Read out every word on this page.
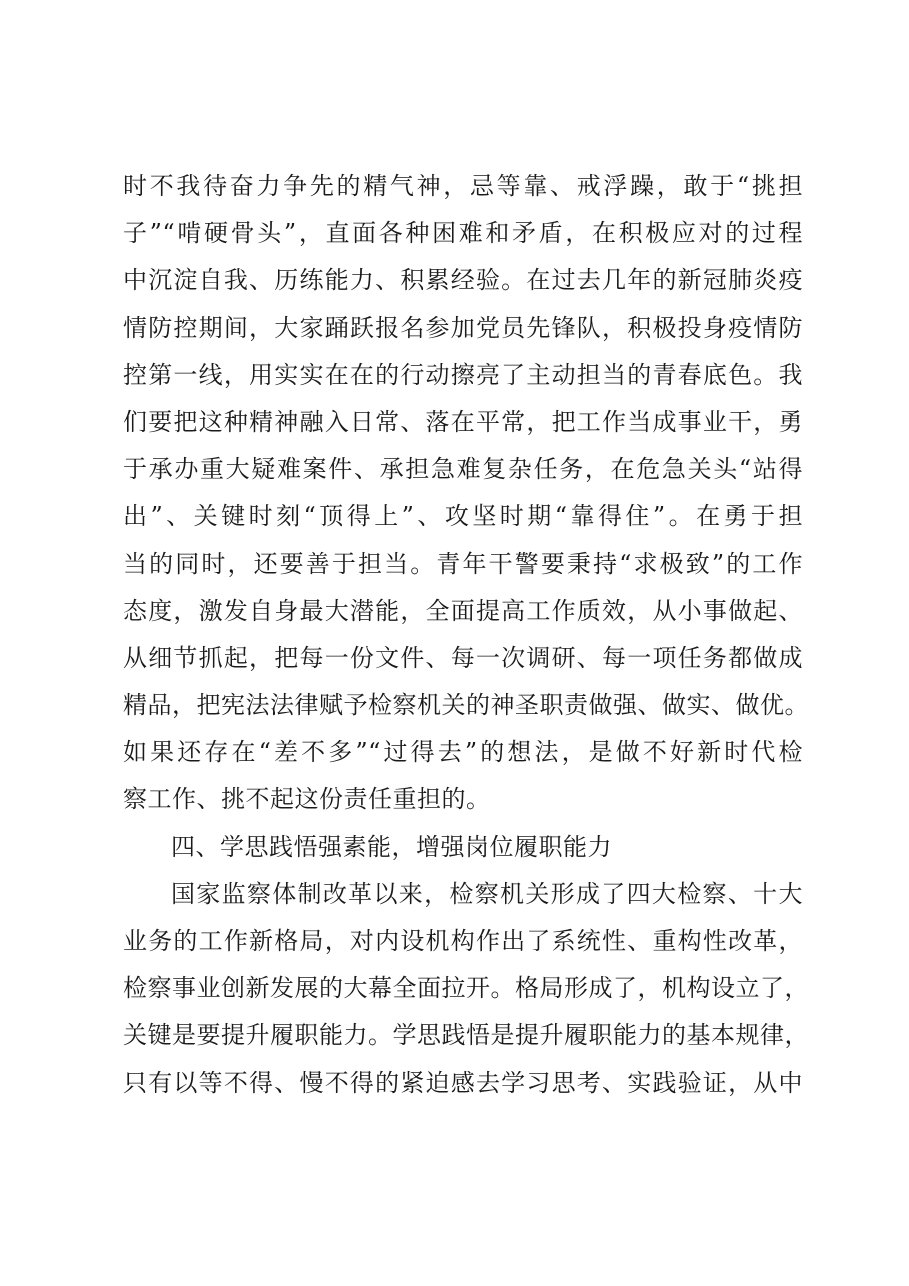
时不我待奋力争先的精气神，忌等靠、戒浮躁，敢于“挑担
子”“啃硬骨头”，直面各种困难和矛盾，在积极应对的过程
中沉淀自我、历练能力、积累经验。在过去几年的新冠肺炎疫
情防控期间，大家踊跃报名参加党员先锋队，积极投身疫情防
控第一线，用实实在在的行动擦亮了主动担当的青春底色。我
们要把这种精神融入日常、落在平常，把工作当成事业干，勇
于承办重大疑难案件、承担急难复杂任务，在危急关头“站得
出”、关键时刻“顶得上”、攻坚时期“靠得住”。在勇于担
当的同时，还要善于担当。青年干警要秉持“求极致”的工作
态度，激发自身最大潜能，全面提高工作质效，从小事做起、
从细节抓起，把每一份文件、每一次调研、每一项任务都做成
精品，把宪法法律赋予检察机关的神圣职责做强、做实、做优。
如果还存在“差不多”“过得去”的想法，是做不好新时代检
察工作、挑不起这份责任重担的。
四、学思践悟强素能，增强岗位履职能力
国家监察体制改革以来，检察机关形成了四大检察、十大
业务的工作新格局，对内设机构作出了系统性、重构性改革，
检察事业创新发展的大幕全面拉开。格局形成了，机构设立了，
关键是要提升履职能力。学思践悟是提升履职能力的基本规律，
只有以等不得、慢不得的紧迫感去学习思考、实践验证，从中
